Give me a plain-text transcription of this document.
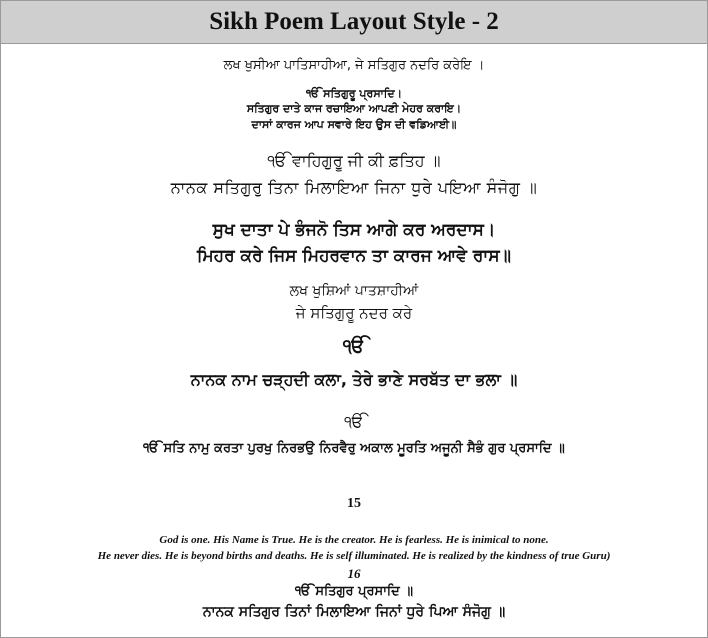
Sikh Poem Layout Style - 2
ਲਖ ਖੁਸੀਆ ਪਾਤਿਸਾਹੀਆ, ਜੇ ਸਤਿਗੁਰ ਨਦਰਿ ਕਰੇਇ ।
ੴ ਸਤਿਗੁਰੂ ਪ੍ਰਸਾਦਿ।
ਸਤਿਗੁਰ ਦਾਤੇ ਕਾਜ ਰਚਾਇਆ ਆਪਣੀ ਮੇਹਰ ਕਰਾਇ।
ਦਾਸਾਂ ਕਾਰਜ ਆਪ ਸਵਾਰੇ ਇਹ ਉਸ ਦੀ ਵਡਿਆਈ॥
ੴ ਵਾਹਿਗੁਰੂ ਜੀ ਕੀ ਫ਼ਤਿਹ ॥
ਨਾਨਕ ਸਤਿਗੁਰੁ ਤਿਨਾ ਮਿਲਾਇਆ ਜਿਨਾ ਧੁਰੇ ਪਇਆ ਸੰਜੋਗੁ ॥
ਸੁਖ ਦਾਤਾ ਪੇ ਭੰਜਨੋ ਤਿਸ ਆਗੇ ਕਰ ਅਰਦਾਸ।
ਮਿਹਰ ਕਰੇ ਜਿਸ ਮਿਹਰਵਾਨ ਤਾ ਕਾਰਜ ਆਵੇ ਰਾਸ॥
ਲਖ ਖੁਸ਼ਿਆਂ ਪਾਤਸ਼ਾਹੀਆਂ
ਜੇ ਸਤਿਗੁਰੂ ਨਦਰ ਕਰੇ
ੴ
ਨਾਨਕ ਨਾਮ ਚੜ੍ਹਦੀ ਕਲਾ, ਤੇਰੇ ਭਾਣੇ ਸਰਬੱਤ ਦਾ ਭਲਾ ॥
ੴ
ੴ ਸਤਿ ਨਾਮੁ ਕਰਤਾ ਪੁਰਖੁ ਨਿਰਭਉ ਨਿਰਵੈਰੁ ਅਕਾਲ ਮੂਰਤਿ ਅਜੂਨੀ ਸੈਭੰ ਗੁਰ ਪ੍ਰਸਾਦਿ ॥
15
God is one. His Name is True. He is the creator. He is fearless. He is inimical to none.
He never dies. He is beyond births and deaths. He is self illuminated. He is realized by the kindness of true Guru)
16
ੴ ਸਤਿਗੁਰ ਪ੍ਰਸਾਦਿ ॥
ਨਾਨਕ ਸਤਿਗੁਰ ਤਿਨਾਂ ਮਿਲਾਇਆ ਜਿਨਾਂ ਧੁਰੇ ਪਿਆ ਸੰਜੋਗੁ ॥
